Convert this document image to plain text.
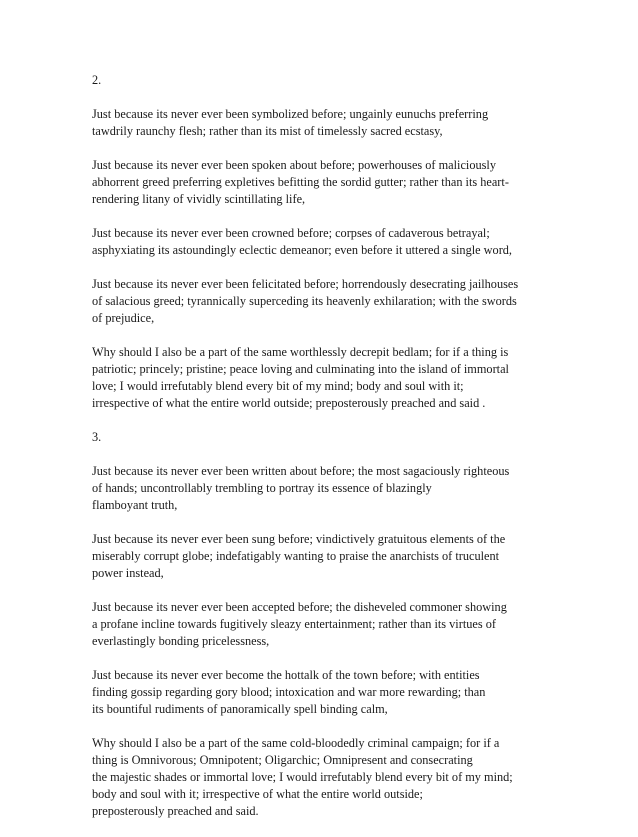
2.
Just because its never ever been symbolized before; ungainly eunuchs preferring
tawdrily raunchy flesh; rather than its mist of timelessly sacred ecstasy,
Just because its never ever been spoken about before; powerhouses of maliciously
abhorrent greed preferring expletives befitting the sordid gutter; rather than its heart-
rendering litany of vividly scintillating life,
Just because its never ever been crowned before; corpses of cadaverous betrayal;
asphyxiating its astoundingly eclectic demeanor; even before it uttered a single word,
Just because its never ever been felicitated before; horrendously desecrating jailhouses
of salacious greed; tyrannically superceding its heavenly exhilaration; with the swords
of prejudice,
Why should I also be a part of the same worthlessly decrepit bedlam; for if a thing is
patriotic; princely; pristine; peace loving and culminating into the island of immortal
love; I would irrefutably blend every bit of my mind; body and soul with it;
irrespective of what the entire world outside; preposterously preached and said .
3.
Just because its never ever been written about before; the most sagaciously righteous
of hands; uncontrollably trembling to portray its essence of blazingly
flamboyant truth,
Just because its never ever been sung before; vindictively gratuitous elements of the
miserably corrupt globe; indefatigably wanting to praise the anarchists of truculent
power instead,
Just because its never ever been accepted before; the disheveled commoner showing
a profane incline towards fugitively sleazy entertainment; rather than its virtues of
everlastingly bonding pricelessness,
Just because its never ever become the hottalk of the town before; with entities
finding gossip regarding gory blood; intoxication and war more rewarding; than
its bountiful rudiments of panoramically spell binding calm,
Why should I also be a part of the same cold-bloodedly criminal campaign; for if a
thing is Omnivorous; Omnipotent; Oligarchic; Omnipresent and consecrating
the majestic shades or immortal love; I would irrefutably blend every bit of my mind;
body and soul with it; irrespective of what the entire world outside;
preposterously preached and said.
